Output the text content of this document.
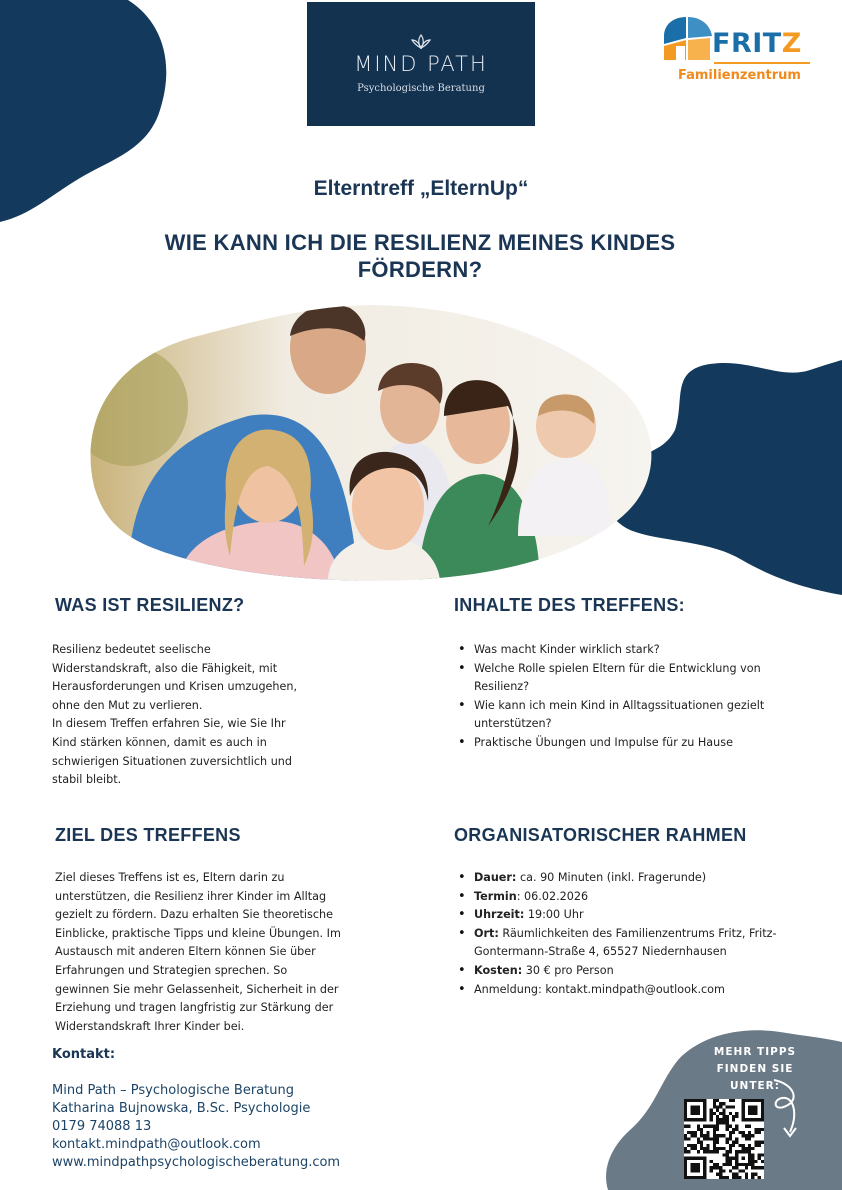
MIND PATH
Psychologische Beratung
FRITZ
Familienzentrum
Elterntreff „ElternUp“
WIE KANN ICH DIE RESILIENZ MEINES KINDES FÖRDERN?
WAS IST RESILIENZ?
Resilienz bedeutet seelische
Widerstandskraft, also die Fähigkeit, mit
Herausforderungen und Krisen umzugehen,
ohne den Mut zu verlieren.
In diesem Treffen erfahren Sie, wie Sie Ihr
Kind stärken können, damit es auch in
schwierigen Situationen zuversichtlich und
stabil bleibt.
INHALTE DES TREFFENS:
• Was macht Kinder wirklich stark?
• Welche Rolle spielen Eltern für die Entwicklung von Resilienz?
• Wie kann ich mein Kind in Alltagssituationen gezielt unterstützen?
• Praktische Übungen und Impulse für zu Hause
ZIEL DES TREFFENS
Ziel dieses Treffens ist es, Eltern darin zu
unterstützen, die Resilienz ihrer Kinder im Alltag
gezielt zu fördern. Dazu erhalten Sie theoretische
Einblicke, praktische Tipps und kleine Übungen. Im
Austausch mit anderen Eltern können Sie über
Erfahrungen und Strategien sprechen. So
gewinnen Sie mehr Gelassenheit, Sicherheit in der
Erziehung und tragen langfristig zur Stärkung der
Widerstandskraft Ihrer Kinder bei.
ORGANISATORISCHER RAHMEN
• Dauer: ca. 90 Minuten (inkl. Fragerunde)
• Termin: 06.02.2026
• Uhrzeit: 19:00 Uhr
• Ort: Räumlichkeiten des Familienzentrums Fritz, Fritz-Gontermann-Straße 4, 65527 Niedernhausen
• Kosten: 30 € pro Person
• Anmeldung: kontakt.mindpath@outlook.com
Kontakt:
Mind Path – Psychologische Beratung
Katharina Bujnowska, B.Sc. Psychologie
0179 74088 13
kontakt.mindpath@outlook.com
www.mindpathpsychologischeberatung.com
MEHR TIPPS
FINDEN SIE
UNTER:
